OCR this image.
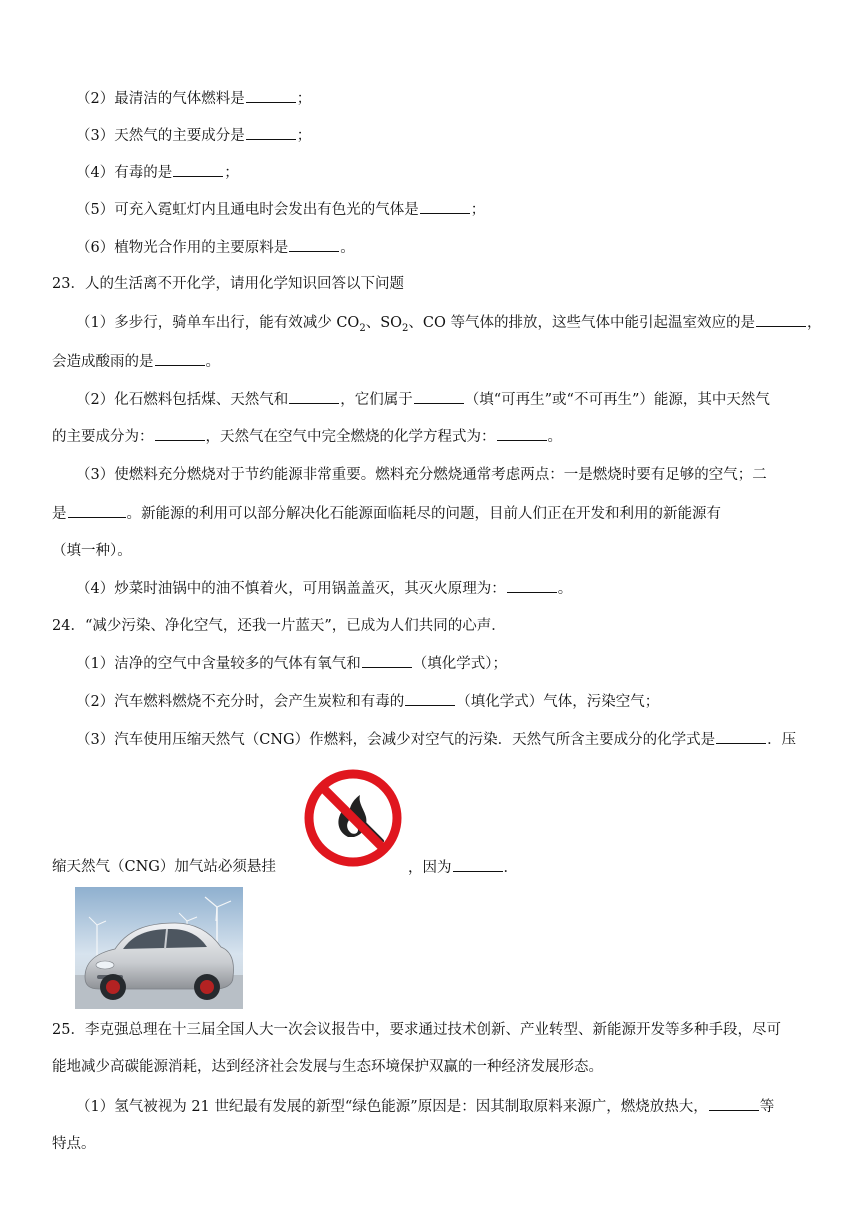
（2）最清洁的气体燃料是	；
（3）天然气的主要成分是	；
（4）有毒的是	；
（5）可充入霓虹灯内且通电时会发出有色光的气体是	；
（6）植物光合作用的主要原料是	。
23．人的生活离不开化学，请用化学知识回答以下问题
（1）多步行，骑单车出行，能有效减少 $CO_2$、$SO_2$、CO 等气体的排放，这些气体中能引起温室效应的是	，
会造成酸雨的是	。
（2）化石燃料包括煤、天然气和	，它们属于	（填“可再生”或“不可再生”）能源，其中天然气
的主要成分为：	，天然气在空气中完全燃烧的化学方程式为：	。
（3）使燃料充分燃烧对于节约能源非常重要。燃料充分燃烧通常考虑两点：一是燃烧时要有足够的空气；二
是	。新能源的利用可以部分解决化石能源面临耗尽的问题，目前人们正在开发和利用的新能源有
（填一种）。
（4）炒菜时油锅中的油不慎着火，可用锅盖盖灭，其灭火原理为：	。
24．“减少污染、净化空气，还我一片蓝天”，已成为人们共同的心声．
（1）洁净的空气中含量较多的气体有氧气和	（填化学式）；
（2）汽车燃料燃烧不充分时，会产生炭粒和有毒的	（填化学式）气体，污染空气；
（3）汽车使用压缩天然气（CNG）作燃料，会减少对空气的污染．天然气所含主要成分的化学式是	．压
缩天然气（CNG）加气站必须悬挂	，因为	．
25．李克强总理在十三届全国人大一次会议报告中，要求通过技术创新、产业转型、新能源开发等多种手段，尽可
能地减少高碳能源消耗，达到经济社会发展与生态环境保护双赢的一种经济发展形态。
（1）氢气被视为 21 世纪最有发展的新型“绿色能源”原因是：因其制取原料来源广，燃烧放热大，	等
特点。
